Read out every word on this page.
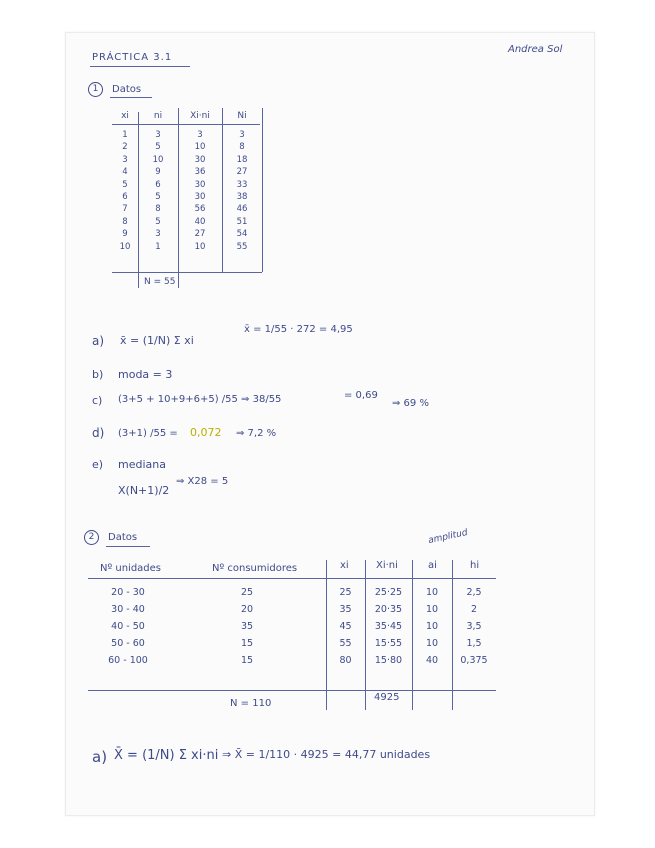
PRÁCTICA 3.1
Andrea Sol
1	Datos
xi	ni	Xi·ni	Ni

1	3	3	3
2	5	10	8
3	10	30	18
4	9	36	27
5	6	30	33
6	5	30	38
7	8	56	46
8	5	40	51
9	3	27	54
10	1	10	55
N = 55
a) x̄ = (1/N) Σ xi
x̄ = 1/55 · 272 = 4,95
b) moda = 3
c) (3+5 + 10+9+6+5) /55 ⇒ 38/55	= 0,69
⇒ 69 %
d) (3+1) /55 = 0,072 ⇒ 7,2 %
e) mediana
X(N+1)/2
⇒ X28 = 5
2	Datos	amplitud
Nº unidades	Nº consumidores	xi	Xi·ni	ai	hi
20 - 30	25	25	25·25	10	2,5
30 - 40	20	35	20·35	10	2
40 - 50	35	45	35·45	10	3,5
50 - 60	15	55	15·55	10	1,5
60 - 100	15	80	15·80	40	0,375
N = 110
4925
a) X̄ = (1/N) Σ xi·ni ⇒ X̄ = 1/110 · 4925 = 44,77 unidades
